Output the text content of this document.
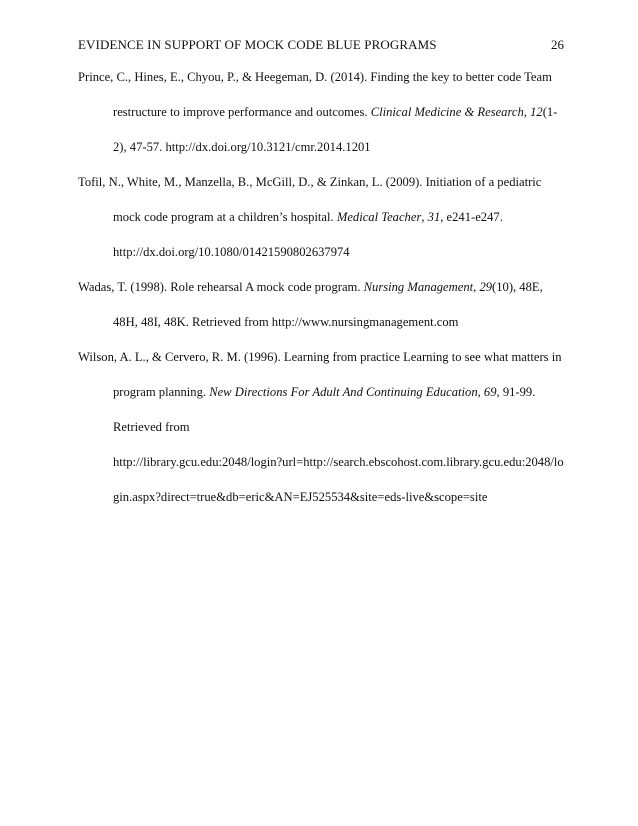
EVIDENCE IN SUPPORT OF MOCK CODE BLUE PROGRAMS	26
Prince, C., Hines, E., Chyou, P., & Heegeman, D. (2014). Finding the key to better code Team
restructure to improve performance and outcomes. Clinical Medicine & Research, 12(1-
2), 47-57. http://dx.doi.org/10.3121/cmr.2014.1201
Tofil, N., White, M., Manzella, B., McGill, D., & Zinkan, L. (2009). Initiation of a pediatric
mock code program at a children’s hospital. Medical Teacher, 31, e241-e247.
http://dx.doi.org/10.1080/01421590802637974
Wadas, T. (1998). Role rehearsal A mock code program. Nursing Management, 29(10), 48E,
48H, 48I, 48K. Retrieved from http://www.nursingmanagement.com
Wilson, A. L., & Cervero, R. M. (1996). Learning from practice Learning to see what matters in
program planning. New Directions For Adult And Continuing Education, 69, 91-99.
Retrieved from
http://library.gcu.edu:2048/login?url=http://search.ebscohost.com.library.gcu.edu:2048/lo
gin.aspx?direct=true&db=eric&AN=EJ525534&site=eds-live&scope=site
